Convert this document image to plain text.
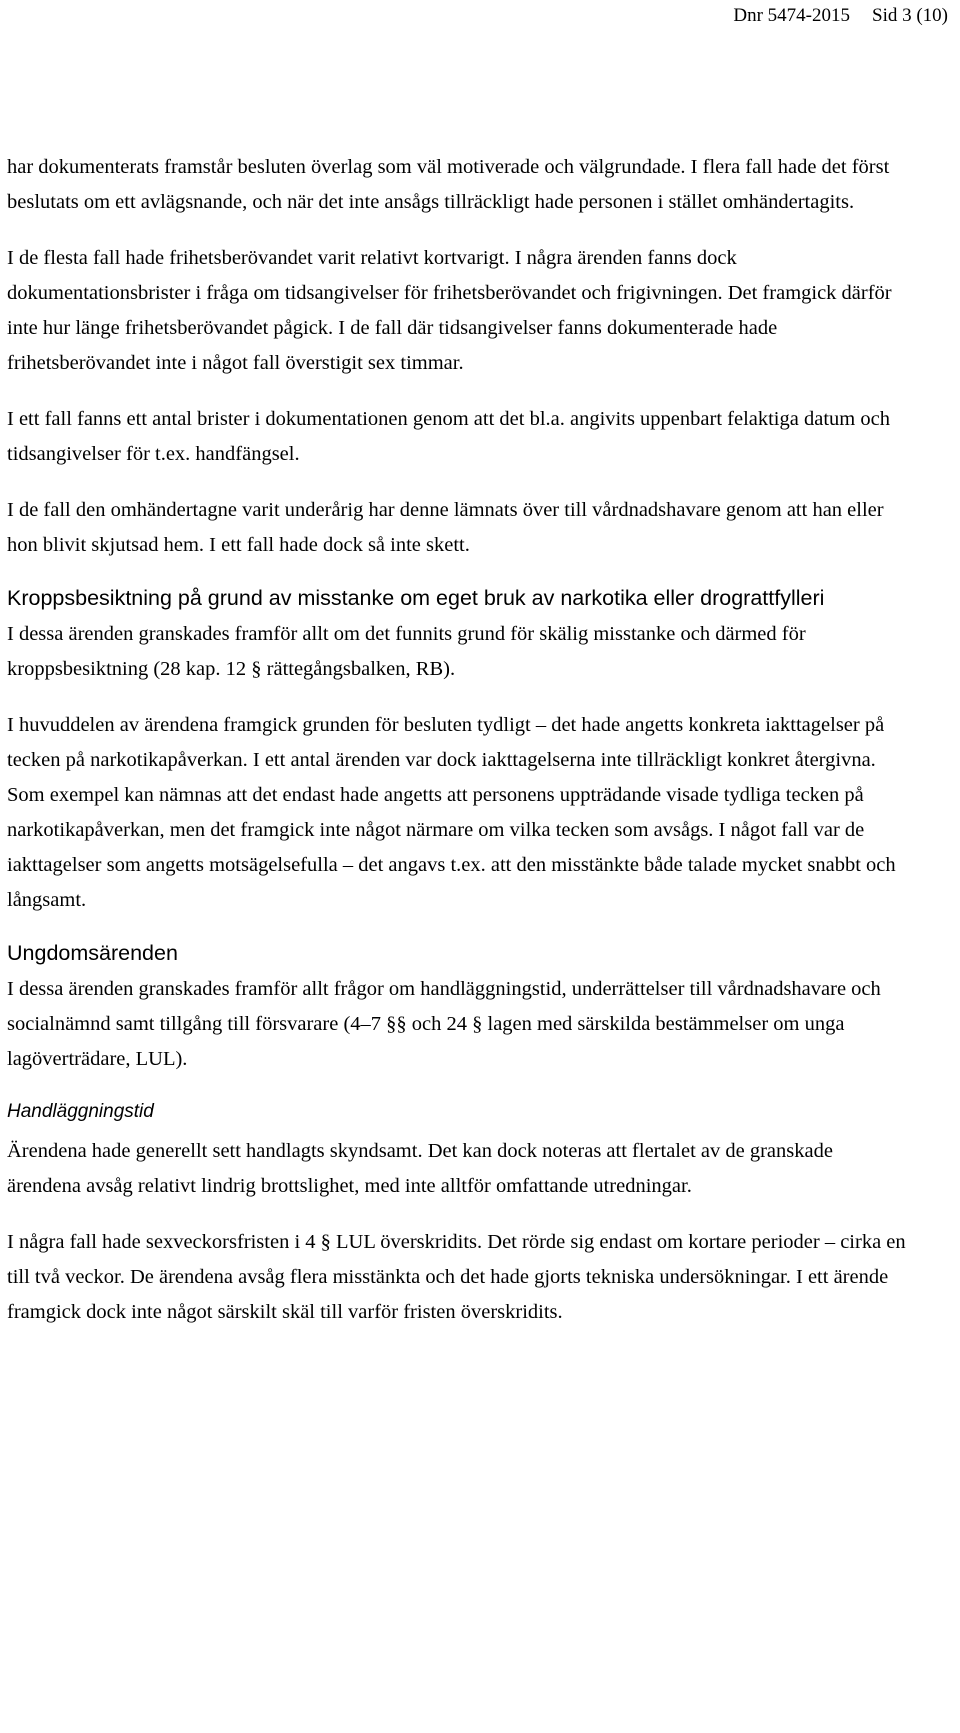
Dnr 5474-2015 Sid 3 (10)

har dokumenterats framstår besluten överlag som väl motiverade och välgrundade. I flera fall hade det först beslutats om ett avlägsnande, och när det inte ansågs tillräckligt hade personen i stället omhändertagits.

I de flesta fall hade frihetsberövandet varit relativt kortvarigt. I några ärenden fanns dock dokumentationsbrister i fråga om tidsangivelser för frihetsberövandet och frigivningen. Det framgick därför inte hur länge frihetsberövandet pågick. I de fall där tidsangivelser fanns dokumenterade hade frihetsberövandet inte i något fall överstigit sex timmar.

I ett fall fanns ett antal brister i dokumentationen genom att det bl.a. angivits uppenbart felaktiga datum och tidsangivelser för t.ex. handfängsel.

I de fall den omhändertagne varit underårig har denne lämnats över till vårdnadshavare genom att han eller hon blivit skjutsad hem. I ett fall hade dock så inte skett.

Kroppsbesiktning på grund av misstanke om eget bruk av narkotika eller drograttfylleri

I dessa ärenden granskades framför allt om det funnits grund för skälig misstanke och därmed för kroppsbesiktning (28 kap. 12 § rättegångsbalken, RB).

I huvuddelen av ärendena framgick grunden för besluten tydligt – det hade angetts konkreta iakttagelser på tecken på narkotikapåverkan. I ett antal ärenden var dock iakttagelserna inte tillräckligt konkret återgivna. Som exempel kan nämnas att det endast hade angetts att personens uppträdande visade tydliga tecken på narkotikapåverkan, men det framgick inte något närmare om vilka tecken som avsågs. I något fall var de iakttagelser som angetts motsägelsefulla – det angavs t.ex. att den misstänkte både talade mycket snabbt och långsamt.

Ungdomsärenden

I dessa ärenden granskades framför allt frågor om handläggningstid, underrättelser till vårdnadshavare och socialnämnd samt tillgång till försvarare (4–7 §§ och 24 § lagen med särskilda bestämmelser om unga lagöverträdare, LUL).

Handläggningstid

Ärendena hade generellt sett handlagts skyndsamt. Det kan dock noteras att flertalet av de granskade ärendena avsåg relativt lindrig brottslighet, med inte alltför omfattande utredningar.

I några fall hade sexveckorsfristen i 4 § LUL överskridits. Det rörde sig endast om kortare perioder – cirka en till två veckor. De ärendena avsåg flera misstänkta och det hade gjorts tekniska undersökningar. I ett ärende framgick dock inte något särskilt skäl till varför fristen överskridits.
